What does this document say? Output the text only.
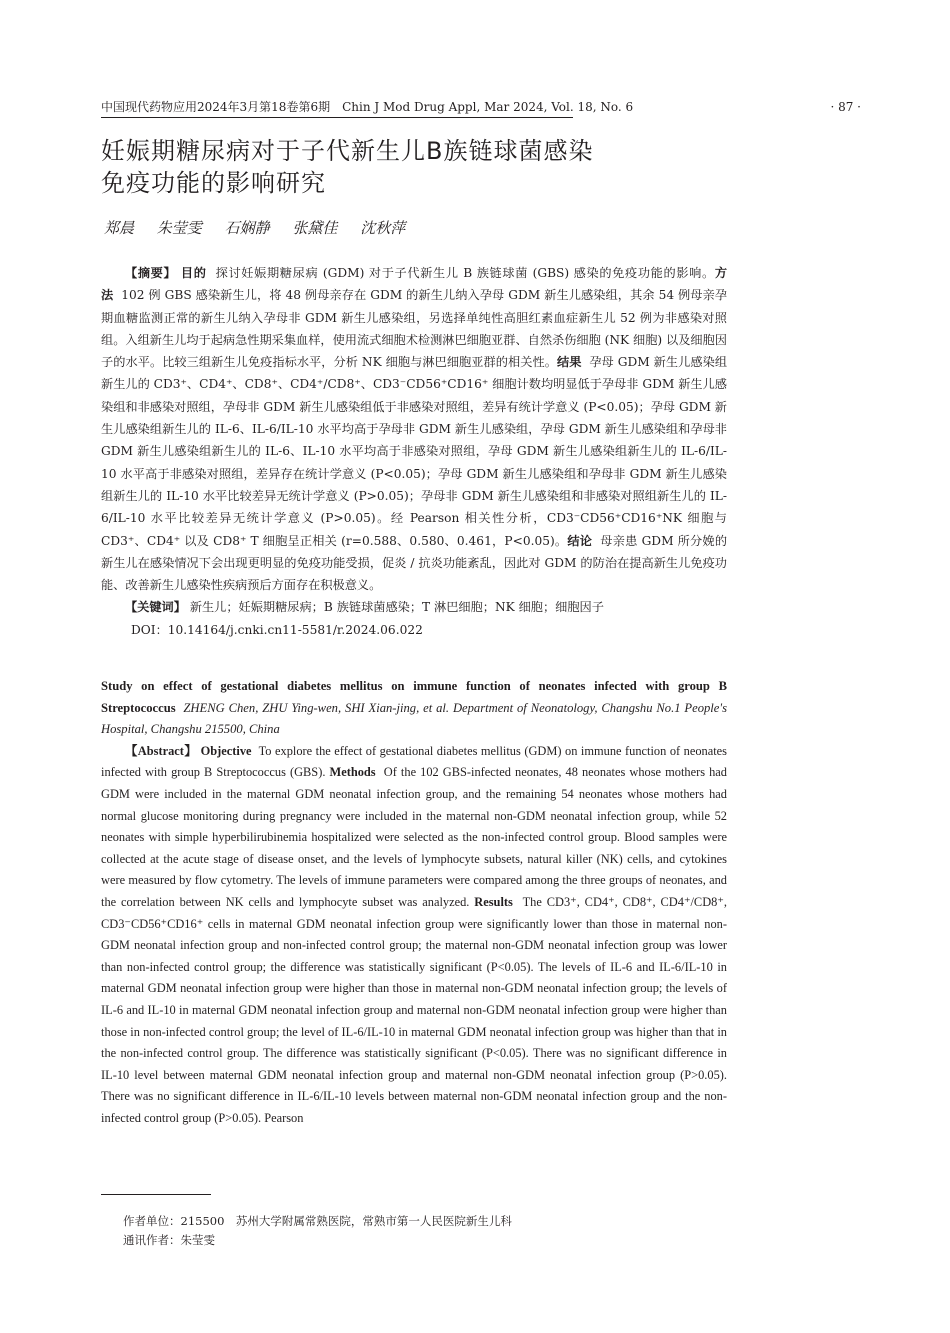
中国现代药物应用2024年3月第18卷第6期　Chin J Mod Drug Appl, Mar 2024, Vol. 18, No. 6	· 87 ·
妊娠期糖尿病对于子代新生儿B族链球菌感染
免疫功能的影响研究
郑晨 朱莹雯 石娴静 张黛佳 沈秋萍

【摘要】 目的 探讨妊娠期糖尿病 (GDM) 对于子代新生儿 B 族链球菌 (GBS) 感染的免疫功能的影响。方法 102 例 GBS 感染新生儿，将 48 例母亲存在 GDM 的新生儿纳入孕母 GDM 新生儿感染组，其余 54 例母亲孕期血糖监测正常的新生儿纳入孕母非 GDM 新生儿感染组，另选择单纯性高胆红素血症新生儿 52 例为非感染对照组。入组新生儿均于起病急性期采集血样，使用流式细胞术检测淋巴细胞亚群、自然杀伤细胞 (NK 细胞) 以及细胞因子的水平。比较三组新生儿免疫指标水平，分析 NK 细胞与淋巴细胞亚群的相关性。结果 孕母 GDM 新生儿感染组新生儿的 CD3⁺、CD4⁺、CD8⁺、CD4⁺/CD8⁺、CD3⁻CD56⁺CD16⁺ 细胞计数均明显低于孕母非 GDM 新生儿感染组和非感染对照组，孕母非 GDM 新生儿感染组低于非感染对照组，差异有统计学意义 (P<0.05)；孕母 GDM 新生儿感染组新生儿的 IL-6、IL-6/IL-10 水平均高于孕母非 GDM 新生儿感染组，孕母 GDM 新生儿感染组和孕母非 GDM 新生儿感染组新生儿的 IL-6、IL-10 水平均高于非感染对照组，孕母 GDM 新生儿感染组新生儿的 IL-6/IL-10 水平高于非感染对照组，差异存在统计学意义 (P<0.05)；孕母 GDM 新生儿感染组和孕母非 GDM 新生儿感染组新生儿的 IL-10 水平比较差异无统计学意义 (P>0.05)；孕母非 GDM 新生儿感染组和非感染对照组新生儿的 IL-6/IL-10 水平比较差异无统计学意义 (P>0.05)。经 Pearson 相关性分析，CD3⁻CD56⁺CD16⁺NK 细胞与 CD3⁺、CD4⁺ 以及 CD8⁺ T 细胞呈正相关 (r=0.588、0.580、0.461，P<0.05)。结论 母亲患 GDM 所分娩的新生儿在感染情况下会出现更明显的免疫功能受损，促炎 / 抗炎功能紊乱，因此对 GDM 的防治在提高新生儿免疫功能、改善新生儿感染性疾病预后方面存在积极意义。

【关键词】 新生儿；妊娠期糖尿病；B 族链球菌感染；T 淋巴细胞；NK 细胞；细胞因子

DOI：10.14164/j.cnki.cn11-5581/r.2024.06.022

Study on effect of gestational diabetes mellitus on immune function of neonates infected with group B Streptococcus ZHENG Chen, ZHU Ying-wen, SHI Xian-jing, et al. Department of Neonatology, Changshu No.1 People's Hospital, Changshu 215500, China

【Abstract】 Objective To explore the effect of gestational diabetes mellitus (GDM) on immune function of neonates infected with group B Streptococcus (GBS). Methods Of the 102 GBS-infected neonates, 48 neonates whose mothers had GDM were included in the maternal GDM neonatal infection group, and the remaining 54 neonates whose mothers had normal glucose monitoring during pregnancy were included in the maternal non-GDM neonatal infection group, while 52 neonates with simple hyperbilirubinemia hospitalized were selected as the non-infected control group. Blood samples were collected at the acute stage of disease onset, and the levels of lymphocyte subsets, natural killer (NK) cells, and cytokines were measured by flow cytometry. The levels of immune parameters were compared among the three groups of neonates, and the correlation between NK cells and lymphocyte subset was analyzed. Results The CD3⁺, CD4⁺, CD8⁺, CD4⁺/CD8⁺, CD3⁻CD56⁺CD16⁺ cells in maternal GDM neonatal infection group were significantly lower than those in maternal non-GDM neonatal infection group and non-infected control group; the maternal non-GDM neonatal infection group was lower than non-infected control group; the difference was statistically significant (P<0.05). The levels of IL-6 and IL-6/IL-10 in maternal GDM neonatal infection group were higher than those in maternal non-GDM neonatal infection group; the levels of IL-6 and IL-10 in maternal GDM neonatal infection group and maternal non-GDM neonatal infection group were higher than those in non-infected control group; the level of IL-6/IL-10 in maternal GDM neonatal infection group was higher than that in the non-infected control group. The difference was statistically significant (P<0.05). There was no significant difference in IL-10 level between maternal GDM neonatal infection group and maternal non-GDM neonatal infection group (P>0.05). There was no significant difference in IL-6/IL-10 levels between maternal non-GDM neonatal infection group and the non-infected control group (P>0.05). Pearson

作者单位：215500　苏州大学附属常熟医院，常熟市第一人民医院新生儿科
通讯作者：朱莹雯
